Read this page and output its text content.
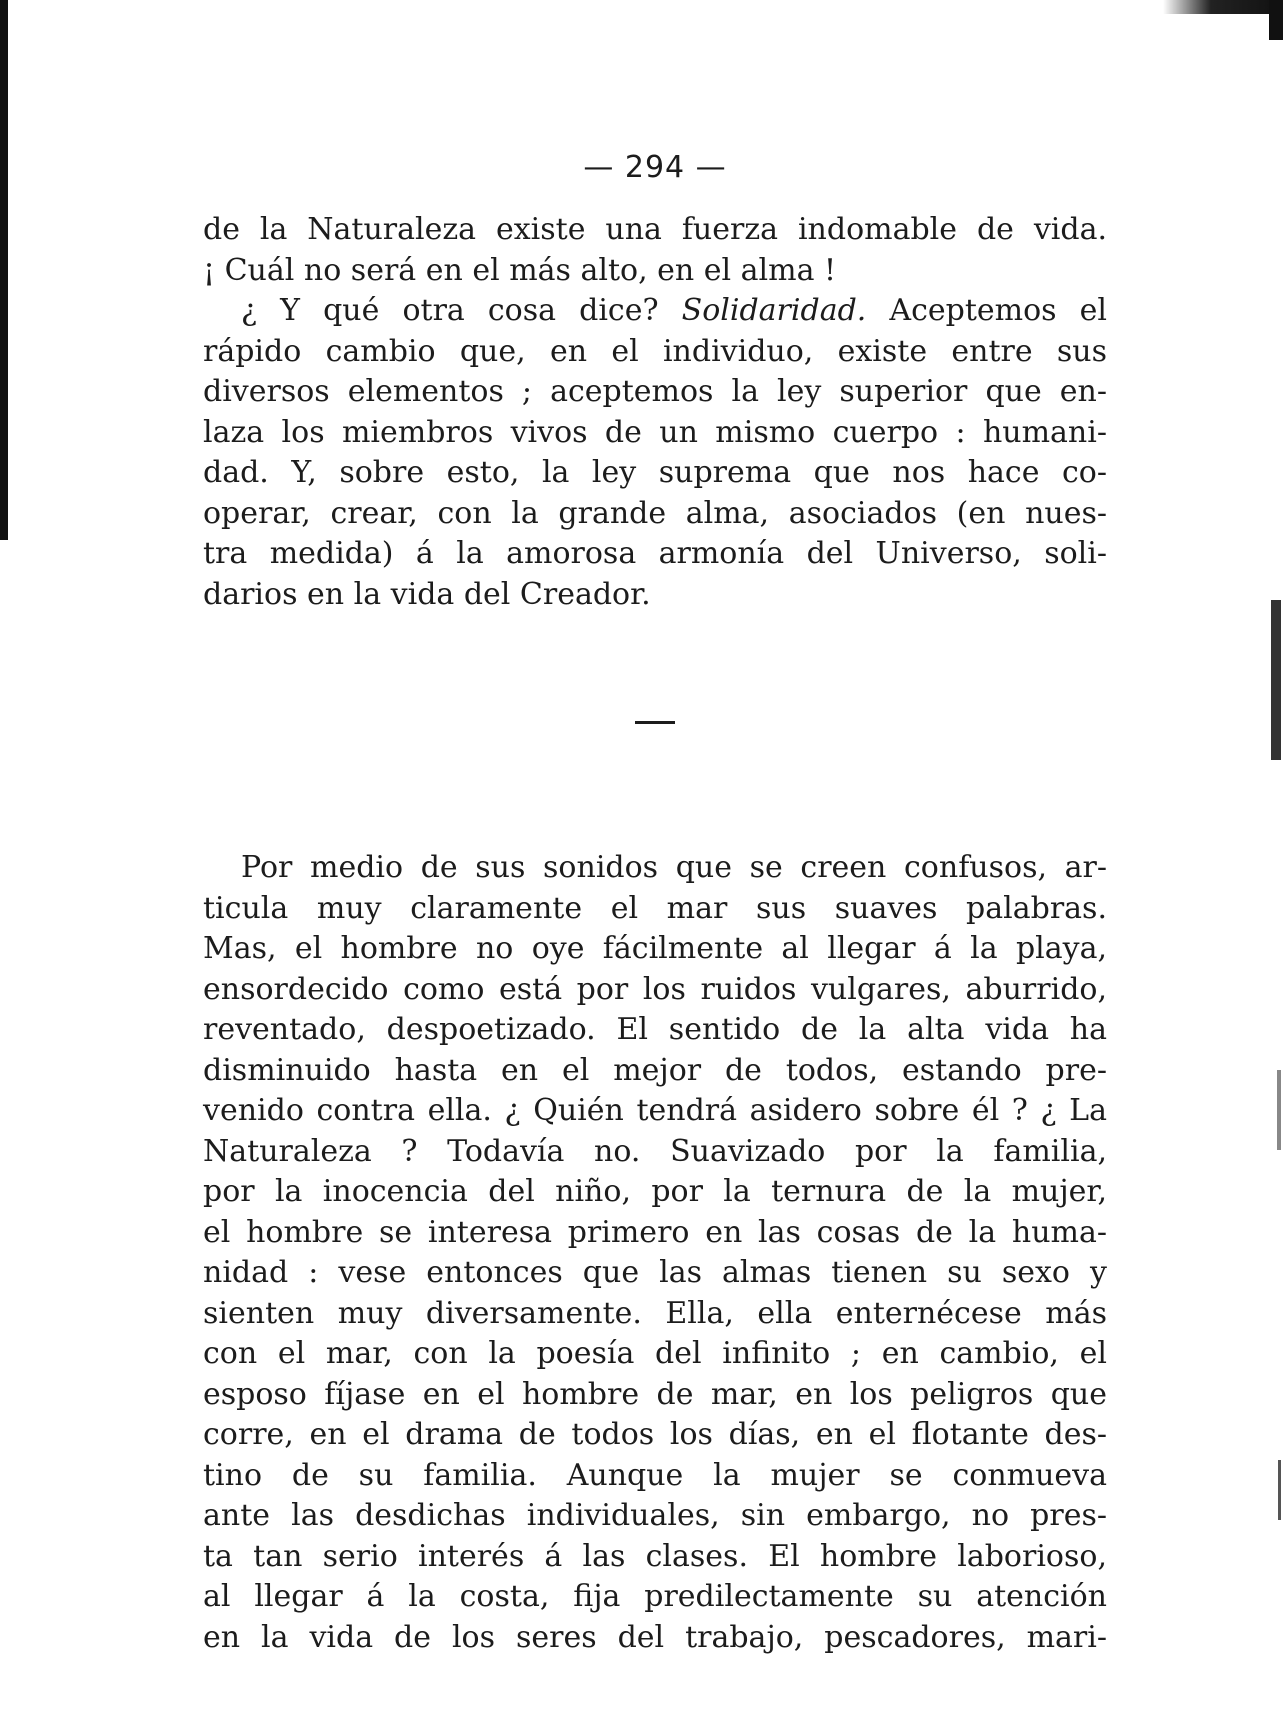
— 294 —
de la Naturaleza existe una fuerza indomable de vida.
¡ Cuál no será en el más alto, en el alma !
¿ Y qué otra cosa dice? Solidaridad. Aceptemos el
rápido cambio que, en el individuo, existe entre sus
diversos elementos ; aceptemos la ley superior que en-
laza los miembros vivos de un mismo cuerpo : humani-
dad. Y, sobre esto, la ley suprema que nos hace co-
operar, crear, con la grande alma, asociados (en nues-
tra medida) á la amorosa armonía del Universo, soli-
darios en la vida del Creador.
Por medio de sus sonidos que se creen confusos, ar-
ticula muy claramente el mar sus suaves palabras.
Mas, el hombre no oye fácilmente al llegar á la playa,
ensordecido como está por los ruidos vulgares, aburrido,
reventado, despoetizado. El sentido de la alta vida ha
disminuido hasta en el mejor de todos, estando pre-
venido contra ella. ¿ Quién tendrá asidero sobre él ? ¿ La
Naturaleza ? Todavía no. Suavizado por la familia,
por la inocencia del niño, por la ternura de la mujer,
el hombre se interesa primero en las cosas de la huma-
nidad : vese entonces que las almas tienen su sexo y
sienten muy diversamente. Ella, ella enternécese más
con el mar, con la poesía del infinito ; en cambio, el
esposo fíjase en el hombre de mar, en los peligros que
corre, en el drama de todos los días, en el flotante des-
tino de su familia. Aunque la mujer se conmueva
ante las desdichas individuales, sin embargo, no pres-
ta tan serio interés á las clases. El hombre laborioso,
al llegar á la costa, fija predilectamente su atención
en la vida de los seres del trabajo, pescadores, mari-
